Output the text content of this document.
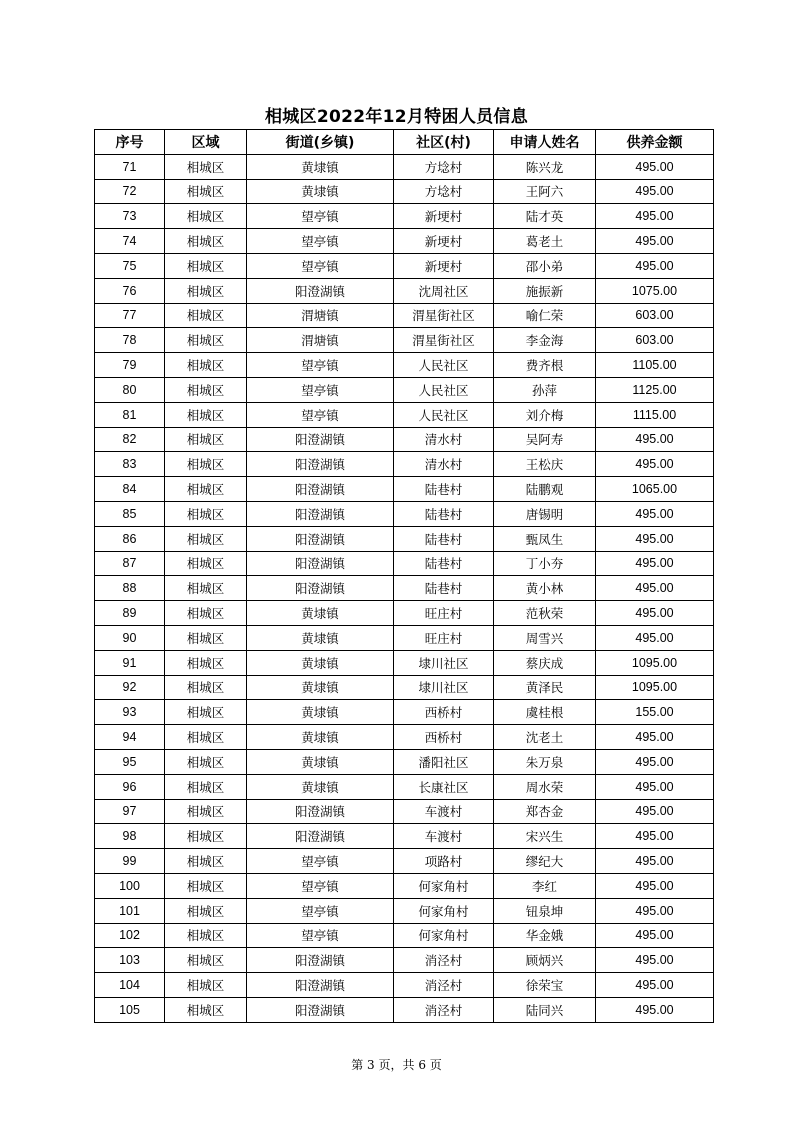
相城区2022年12月特困人员信息
序号	区域	街道(乡镇)	社区(村)	申请人姓名	供养金额
71	相城区	黄埭镇	方埝村	陈兴龙	495.00
72	相城区	黄埭镇	方埝村	王阿六	495.00
73	相城区	望亭镇	新埂村	陆才英	495.00
74	相城区	望亭镇	新埂村	葛老土	495.00
75	相城区	望亭镇	新埂村	邵小弟	495.00
76	相城区	阳澄湖镇	沈周社区	施振新	1075.00
77	相城区	渭塘镇	渭星街社区	喻仁荣	603.00
78	相城区	渭塘镇	渭星街社区	李金海	603.00
79	相城区	望亭镇	人民社区	费齐根	1105.00
80	相城区	望亭镇	人民社区	孙萍	1125.00
81	相城区	望亭镇	人民社区	刘介梅	1115.00
82	相城区	阳澄湖镇	清水村	吴阿寿	495.00
83	相城区	阳澄湖镇	清水村	王松庆	495.00
84	相城区	阳澄湖镇	陆巷村	陆鹏观	1065.00
85	相城区	阳澄湖镇	陆巷村	唐锡明	495.00
86	相城区	阳澄湖镇	陆巷村	甄凤生	495.00
87	相城区	阳澄湖镇	陆巷村	丁小夯	495.00
88	相城区	阳澄湖镇	陆巷村	黄小林	495.00
89	相城区	黄埭镇	旺庄村	范秋荣	495.00
90	相城区	黄埭镇	旺庄村	周雪兴	495.00
91	相城区	黄埭镇	埭川社区	蔡庆成	1095.00
92	相城区	黄埭镇	埭川社区	黄泽民	1095.00
93	相城区	黄埭镇	西桥村	虞桂根	155.00
94	相城区	黄埭镇	西桥村	沈老土	495.00
95	相城区	黄埭镇	潘阳社区	朱万泉	495.00
96	相城区	黄埭镇	长康社区	周水荣	495.00
97	相城区	阳澄湖镇	车渡村	郑杏金	495.00
98	相城区	阳澄湖镇	车渡村	宋兴生	495.00
99	相城区	望亭镇	项路村	缪纪大	495.00
100	相城区	望亭镇	何家角村	李红	495.00
101	相城区	望亭镇	何家角村	钮泉坤	495.00
102	相城区	望亭镇	何家角村	华金娥	495.00
103	相城区	阳澄湖镇	消泾村	顾炳兴	495.00
104	相城区	阳澄湖镇	消泾村	徐荣宝	495.00
105	相城区	阳澄湖镇	消泾村	陆同兴	495.00
第 3 页，共 6 页
